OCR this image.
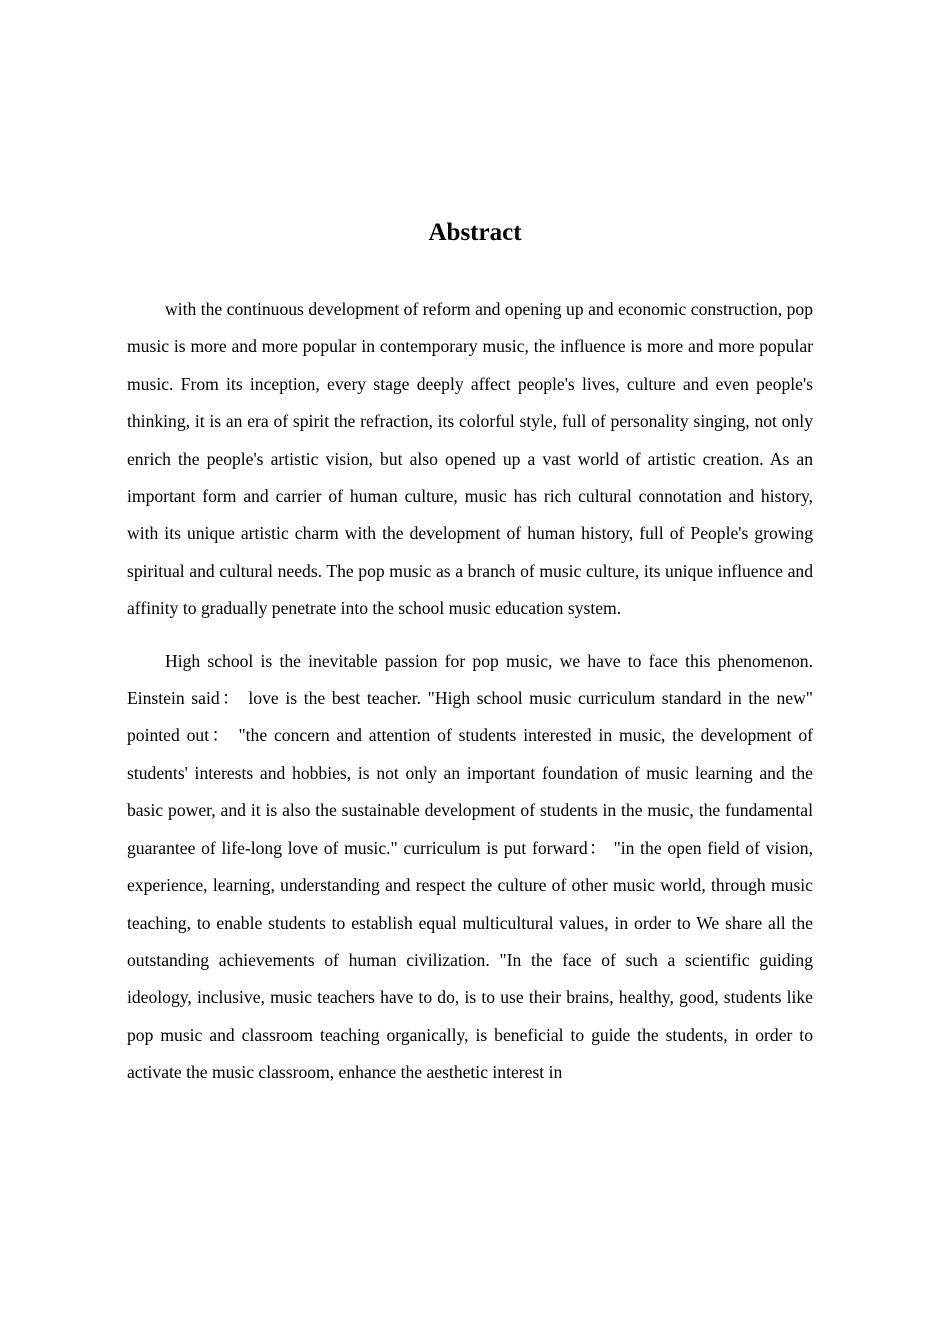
Abstract

with the continuous development of reform and opening up and economic construction, pop music is more and more popular in contemporary music, the influence is more and more popular music. From its inception, every stage deeply affect people's lives, culture and even people's thinking, it is an era of spirit the refraction, its colorful style, full of personality singing, not only enrich the people's artistic vision, but also opened up a vast world of artistic creation. As an important form and carrier of human culture, music has rich cultural connotation and history, with its unique artistic charm with the development of human history, full of People's growing spiritual and cultural needs. The pop music as a branch of music culture, its unique influence and affinity to gradually penetrate into the school music education system.

High school is the inevitable passion for pop music, we have to face this phenomenon. Einstein said： love is the best teacher. "High school music curriculum standard in the new" pointed out： "the concern and attention of students interested in music, the development of students' interests and hobbies, is not only an important foundation of music learning and the basic power, and it is also the sustainable development of students in the music, the fundamental guarantee of life-long love of music." curriculum is put forward： "in the open field of vision, experience, learning, understanding and respect the culture of other music world, through music teaching, to enable students to establish equal multicultural values, in order to We share all the outstanding achievements of human civilization. "In the face of such a scientific guiding ideology, inclusive, music teachers have to do, is to use their brains, healthy, good, students like pop music and classroom teaching organically, is beneficial to guide the students, in order to activate the music classroom, enhance the aesthetic interest in
